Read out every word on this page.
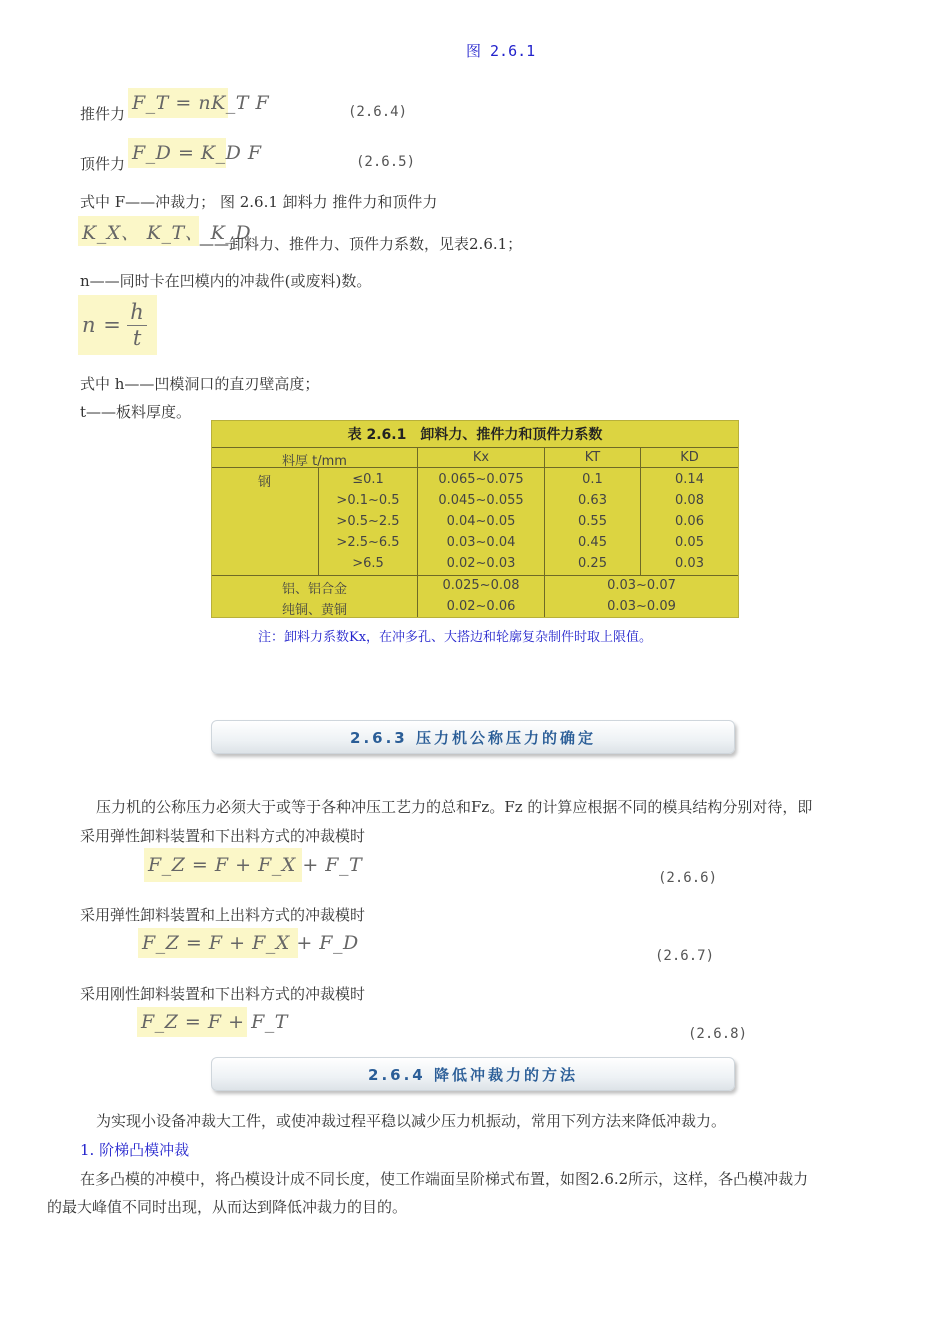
图 2.6.1
推件力 F_T = nK_T F	(2.6.4)
顶件力 F_D = K_D F	(2.6.5)
式中 F——冲裁力； 图 2.6.1 卸料力 推件力和顶件力
K_X、 K_T、 K_D
——卸料力、推件力、顶件力系数，见表2.6.1；
n——同时卡在凹模内的冲裁件(或废料)数。
$n = \frac{h}{t}$
式中 h——凹模洞口的直刃壁高度；
t——板料厚度。
表 2.6.1　卸料力、推件力和顶件力系数
料厚 t/mm	Kx	KT	KD
钢	≤0.1	0.065~0.075	0.1	0.14
>0.1~0.5	0.045~0.055	0.63	0.08
>0.5~2.5	0.04~0.05	0.55	0.06
>2.5~6.5	0.03~0.04	0.45	0.05
>6.5	0.02~0.03	0.25	0.03
铝、铝合金	0.025~0.08	0.03~0.07
纯铜、黄铜	0.02~0.06	0.03~0.09
注：卸料力系数Kx，在冲多孔、大搭边和轮廓复杂制件时取上限值。
2.6.3 压力机公称压力的确定
压力机的公称压力必须大于或等于各种冲压工艺力的总和Fz。Fz 的计算应根据不同的模具结构分别对待，即
采用弹性卸料装置和下出料方式的冲裁模时
F_Z = F + F_X + F_T
(2.6.6)
采用弹性卸料装置和上出料方式的冲裁模时
F_Z = F + F_X + F_D
(2.6.7)
采用刚性卸料装置和下出料方式的冲裁模时
F_Z = F + F_T
(2.6.8)
2.6.4 降低冲裁力的方法
为实现小设备冲裁大工件，或使冲裁过程平稳以减少压力机振动，常用下列方法来降低冲裁力。
1. 阶梯凸模冲裁
在多凸模的冲模中，将凸模设计成不同长度，使工作端面呈阶梯式布置，如图2.6.2所示，这样，各凸模冲裁力
的最大峰值不同时出现，从而达到降低冲裁力的目的。
